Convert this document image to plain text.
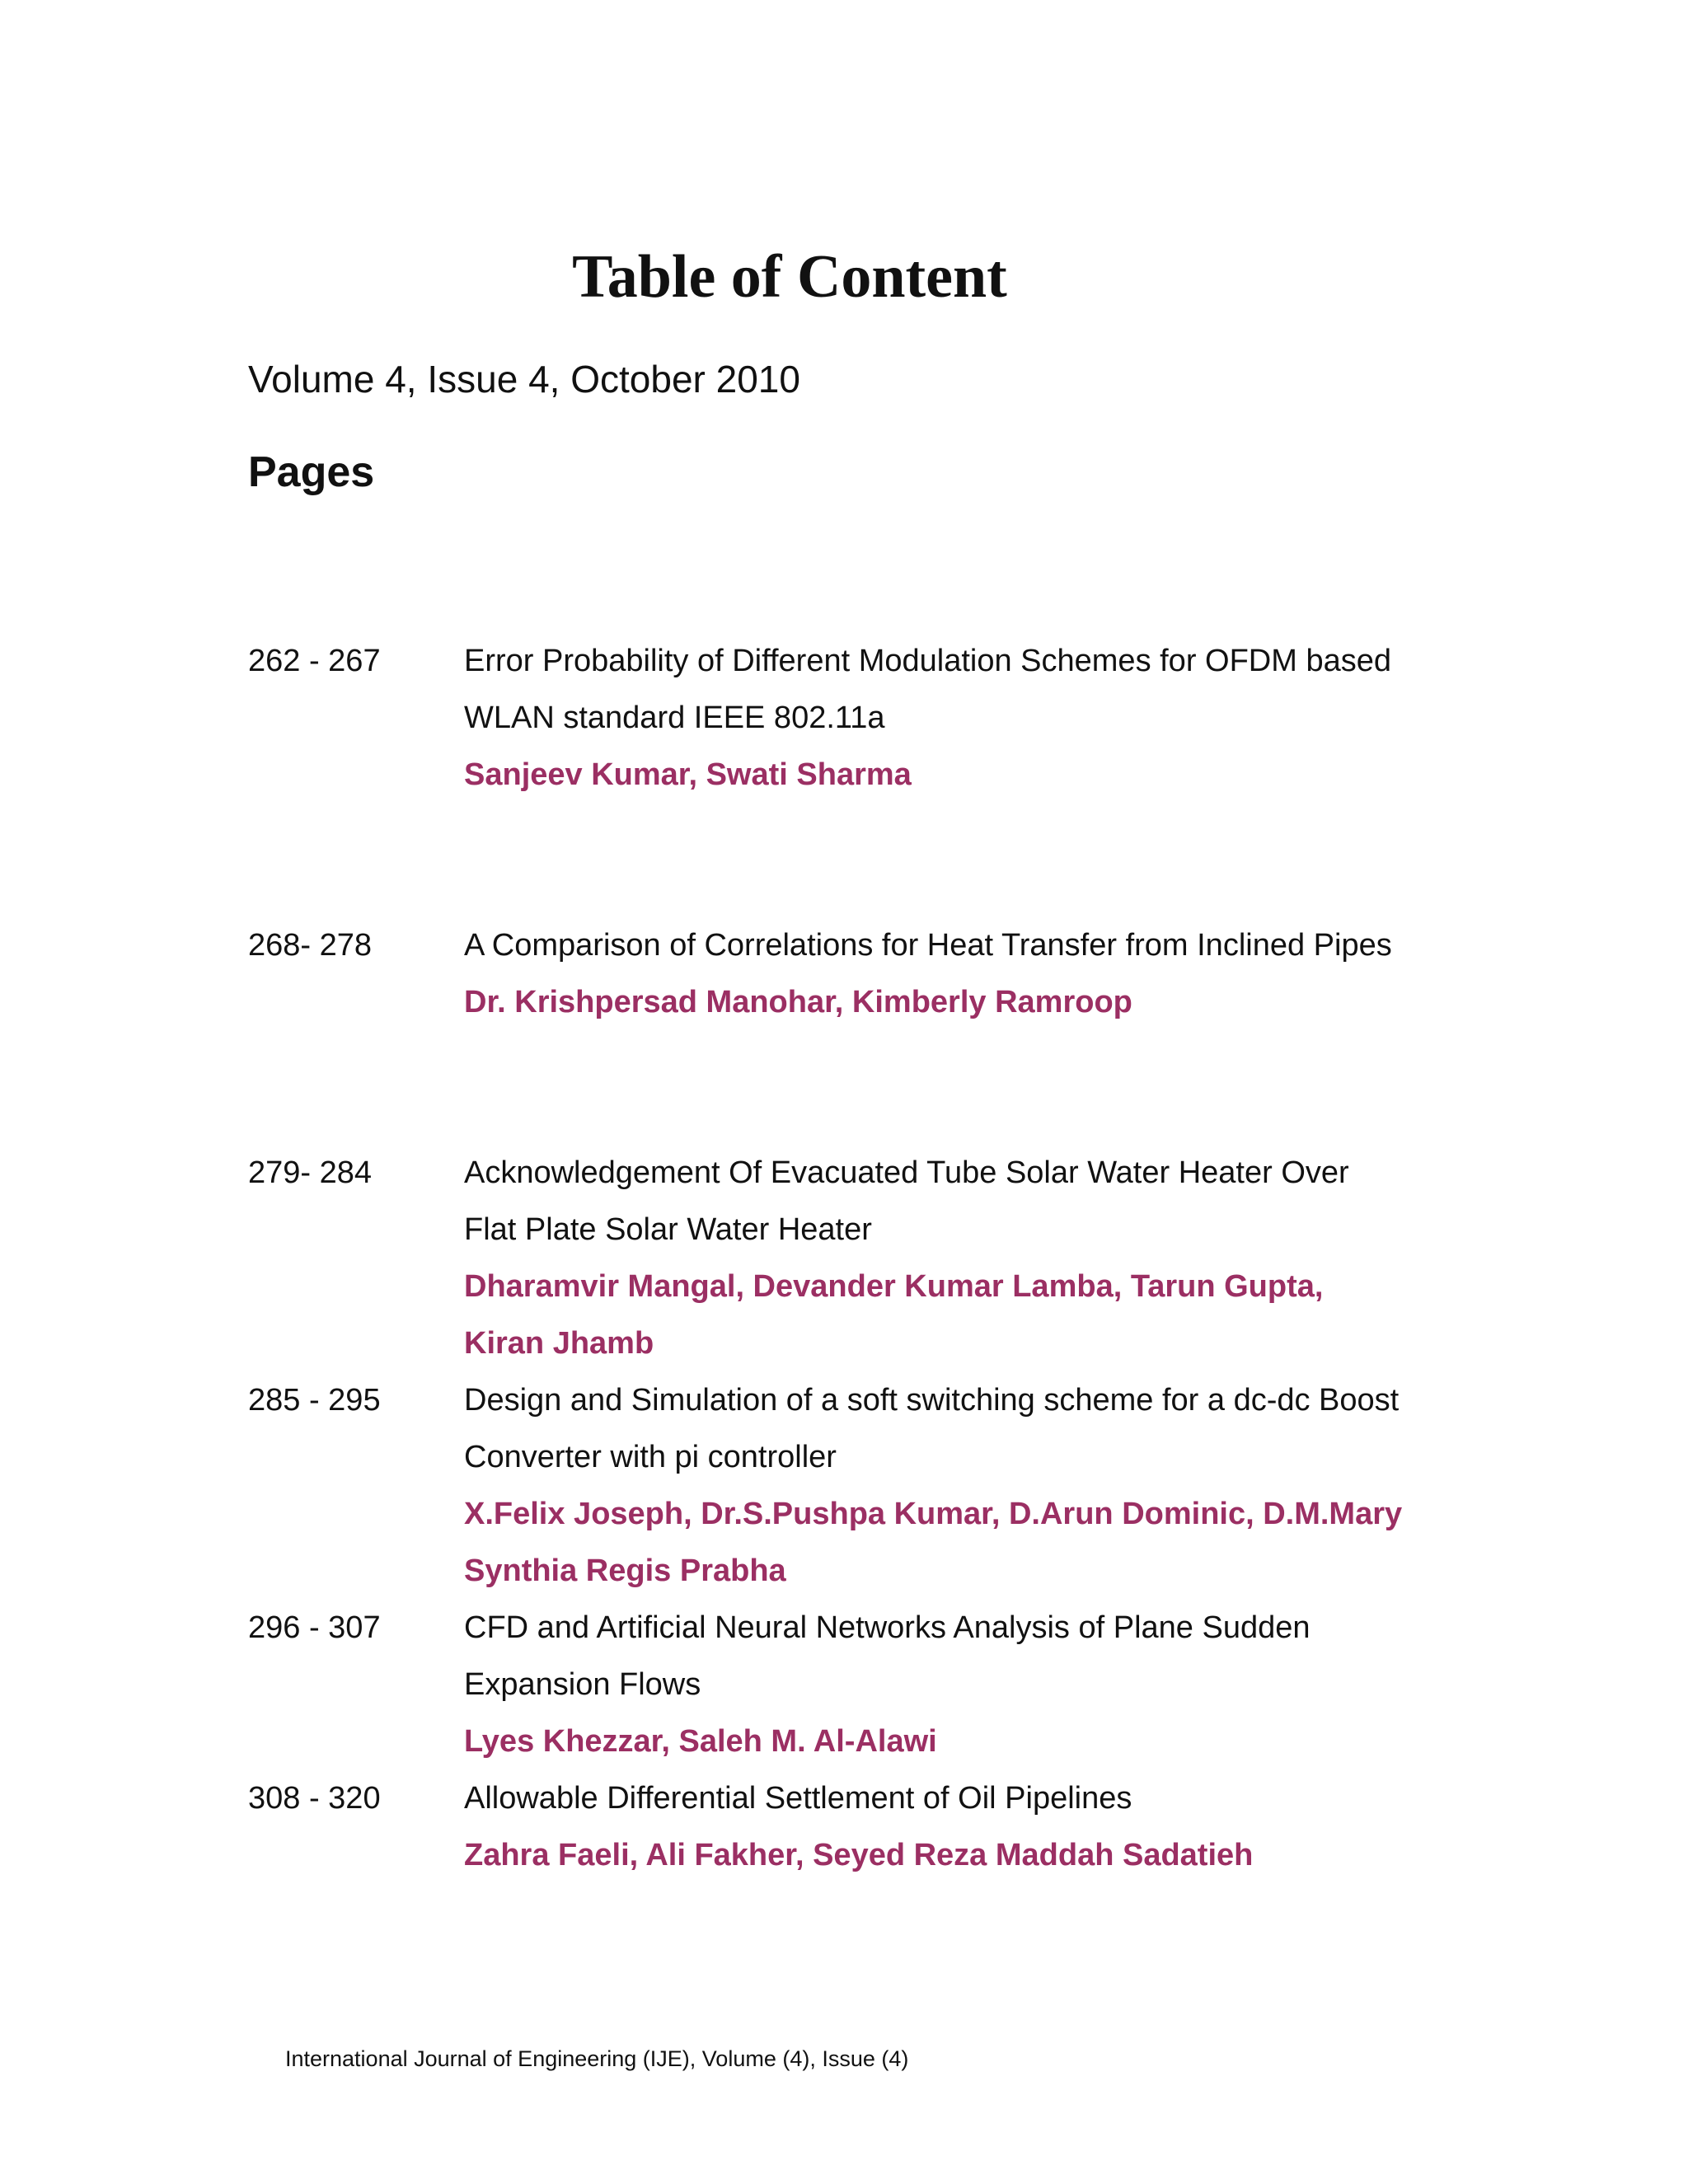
Table of Content
Volume 4, Issue 4, October 2010
Pages
262 - 267	Error Probability of Different Modulation Schemes for OFDM based WLAN standard IEEE 802.11a
Sanjeev Kumar, Swati Sharma
268- 278	A Comparison of Correlations for Heat Transfer from Inclined Pipes
Dr. Krishpersad Manohar, Kimberly Ramroop
279- 284	Acknowledgement Of Evacuated Tube Solar Water Heater Over Flat Plate Solar Water Heater
Dharamvir Mangal, Devander Kumar Lamba, Tarun Gupta, Kiran Jhamb
285 - 295	Design and Simulation of a soft switching scheme for a dc-dc Boost Converter with pi controller
X.Felix Joseph, Dr.S.Pushpa Kumar, D.Arun Dominic, D.M.Mary Synthia Regis Prabha
296 - 307	CFD and Artificial Neural Networks Analysis of Plane Sudden Expansion Flows
Lyes Khezzar, Saleh M. Al-Alawi
308 - 320	Allowable Differential Settlement of Oil Pipelines
Zahra Faeli, Ali Fakher, Seyed Reza Maddah Sadatieh
International Journal of Engineering (IJE), Volume (4), Issue (4)
